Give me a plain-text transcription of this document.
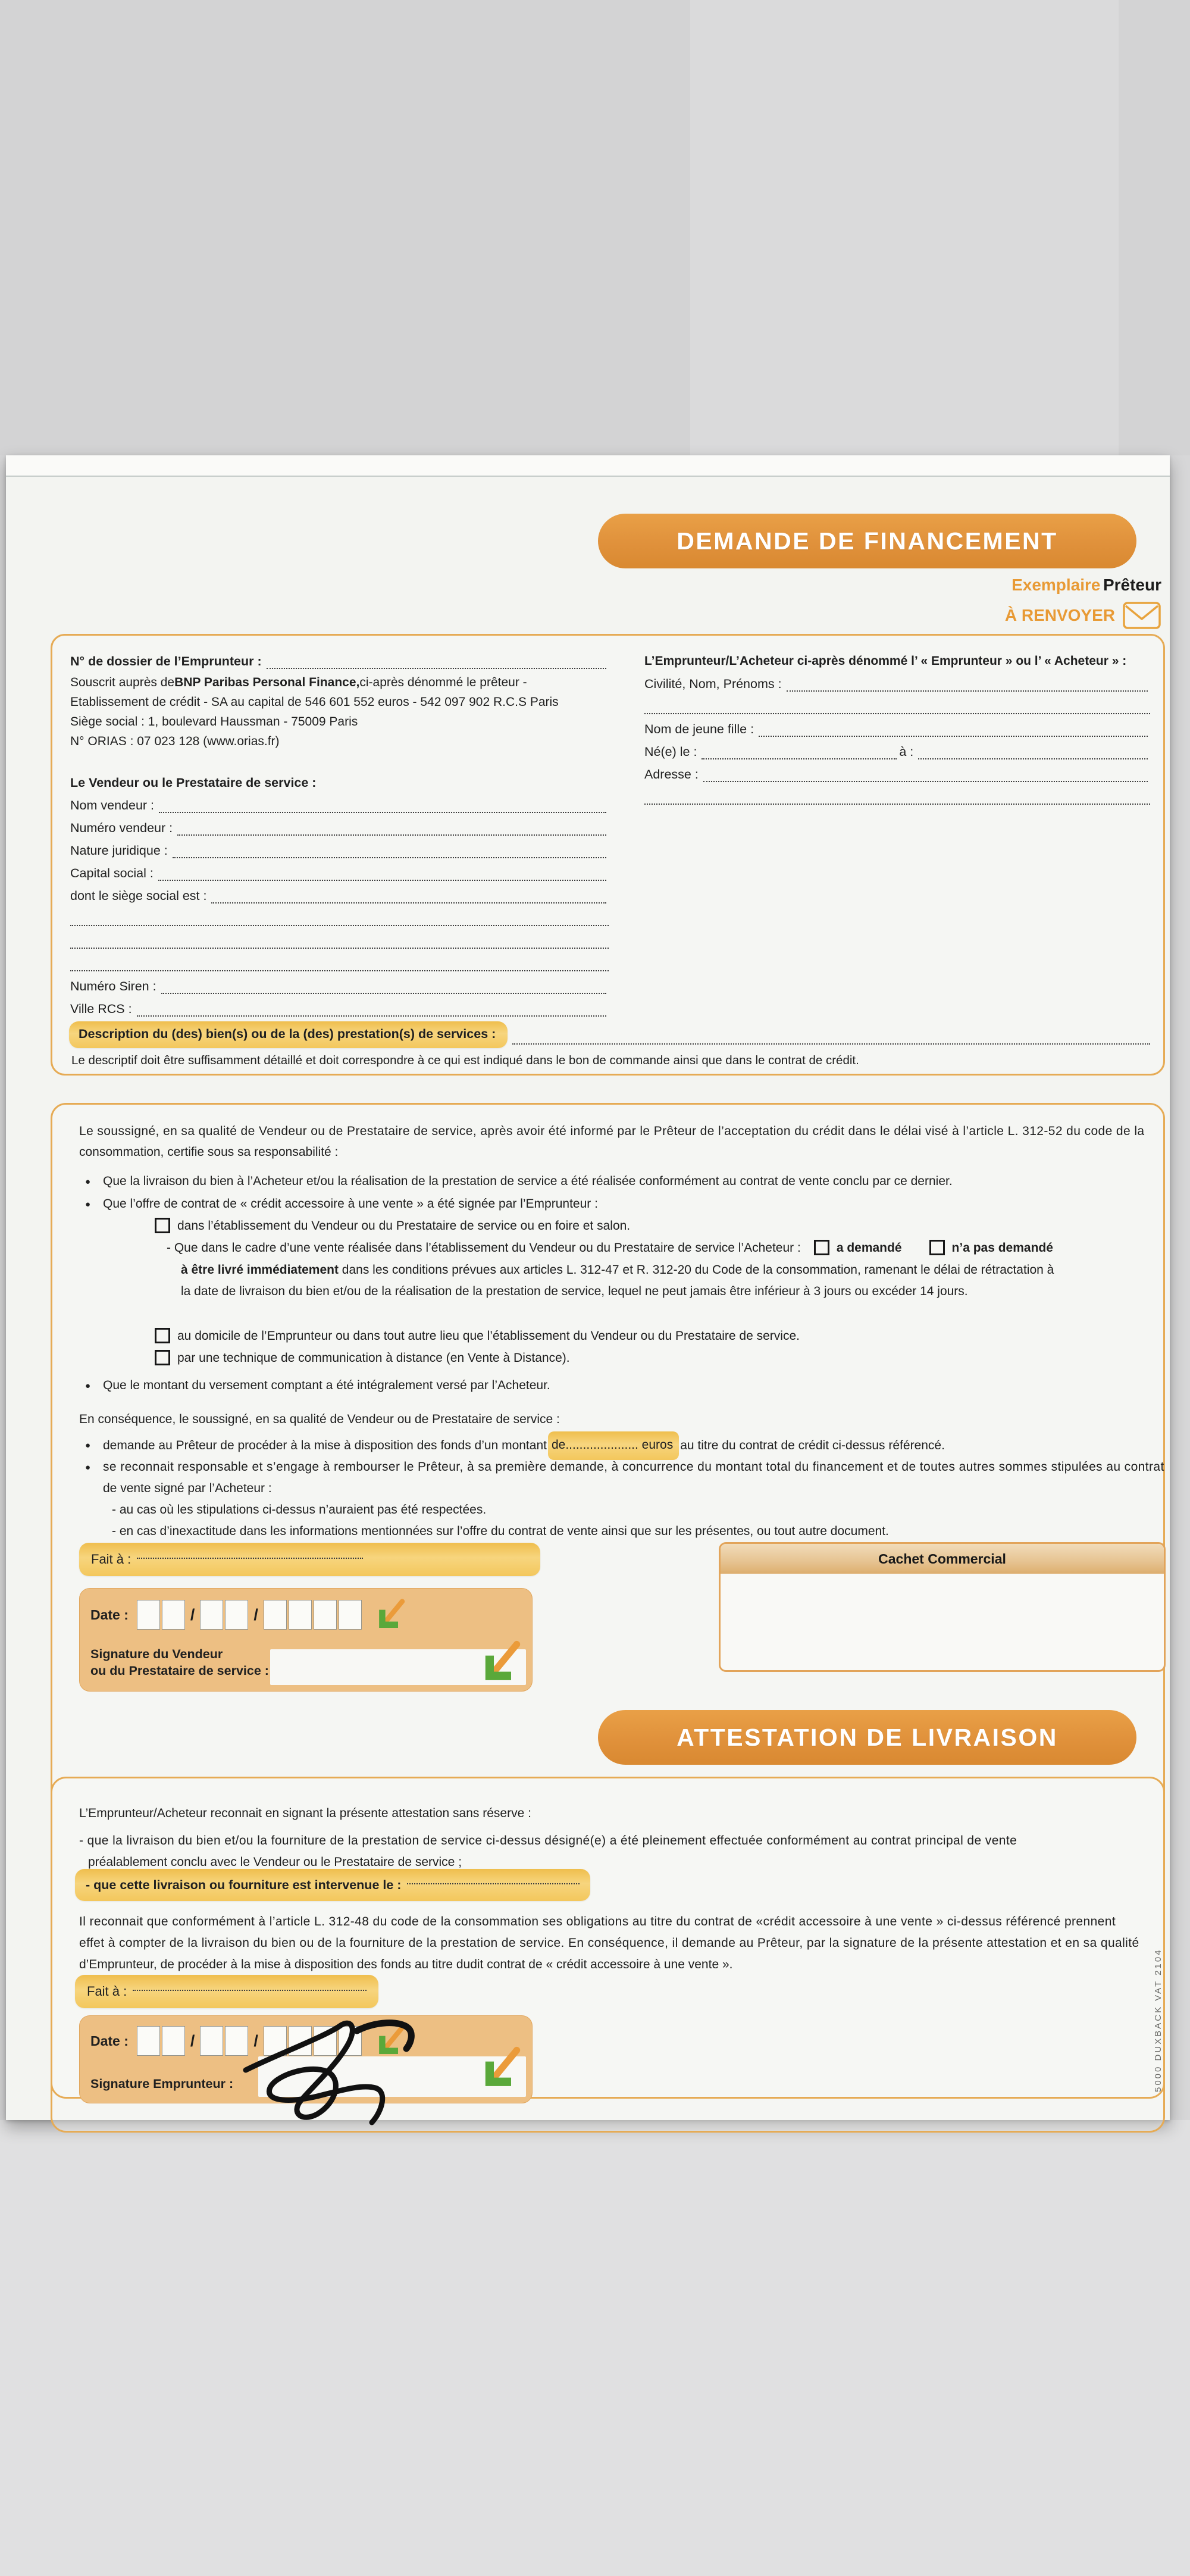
DEMANDE DE FINANCEMENT
Exemplaire Prêteur
À RENVOYER
N° de dossier de l’Emprunteur :
Souscrit auprès de BNP Paribas Personal Finance, ci-après dénommé le prêteur -
Etablissement de crédit - SA au capital de 546 601 552 euros - 542 097 902 R.C.S Paris
Siège social : 1, boulevard Haussman - 75009 Paris
N° ORIAS : 07 023 128 (www.orias.fr)
Le Vendeur ou le Prestataire de service :
Nom vendeur :
Numéro vendeur :
Nature juridique :
Capital social :
dont le siège social est :
Numéro Siren :
Ville RCS :
L’Emprunteur/L’Acheteur ci-après dénommé l’ « Emprunteur » ou l’ « Acheteur » :
Civilité, Nom, Prénoms :
Nom de jeune fille :
Né(e) le :	à :
Adresse :
Description du (des) bien(s) ou de la (des) prestation(s) de services :
Le descriptif doit être suffisamment détaillé et doit correspondre à ce qui est indiqué dans le bon de commande ainsi que dans le contrat de crédit.
Le soussigné, en sa qualité de Vendeur ou de Prestataire de service, après avoir été informé par le Prêteur de l’acceptation du crédit dans le délai visé à l’article L. 312-52 du code de la
consommation, certifie sous sa responsabilité :
● Que la livraison du bien à l’Acheteur et/ou la réalisation de la prestation de service a été réalisée conformément au contrat de vente conclu par ce dernier.
● Que l’offre de contrat de « crédit accessoire à une vente » a été signée par l’Emprunteur :
dans l’établissement du Vendeur ou du Prestataire de service ou en foire et salon.
- Que dans le cadre d’une vente réalisée dans l’établissement du Vendeur ou du Prestataire de service l’Acheteur :	a demandé	n’a pas demandé
à être livré immédiatement dans les conditions prévues aux articles L. 312-47 et R. 312-20 du Code de la consommation, ramenant le délai de rétractation à
la date de livraison du bien et/ou de la réalisation de la prestation de service, lequel ne peut jamais être inférieur à 3 jours ou excéder 14 jours.
au domicile de l’Emprunteur ou dans tout autre lieu que l’établissement du Vendeur ou du Prestataire de service.
par une technique de communication à distance (en Vente à Distance).
● Que le montant du versement comptant a été intégralement versé par l’Acheteur.
En conséquence, le soussigné, en sa qualité de Vendeur ou de Prestataire de service :
● demande au Prêteur de procéder à la mise à disposition des fonds d’un montant de..................... euros au titre du contrat de crédit ci-dessus référencé.
● se reconnait responsable et s’engage à rembourser le Prêteur, à sa première demande, à concurrence du montant total du financement et de toutes autres sommes stipulées au contrat
de vente signé par l’Acheteur :
- au cas où les stipulations ci-dessus n’auraient pas été respectées.
- en cas d’inexactitude dans les informations mentionnées sur l’offre du contrat de vente ainsi que sur les présentes, ou tout autre document.
Fait à :	Cachet Commercial
Date :	/	/
Signature du Vendeur
ou du Prestataire de service :
ATTESTATION DE LIVRAISON
L’Emprunteur/Acheteur reconnait en signant la présente attestation sans réserve :
- que la livraison du bien et/ou la fourniture de la prestation de service ci-dessus désigné(e) a été pleinement effectuée conformément au contrat principal de vente
préalablement conclu avec le Vendeur ou le Prestataire de service ;
- que cette livraison ou fourniture est intervenue le :
Il reconnait que conformément à l’article L. 312-48 du code de la consommation ses obligations au titre du contrat de «crédit accessoire à une vente » ci-dessus référencé prennent
effet à compter de la livraison du bien ou de la fourniture de la prestation de service. En conséquence, il demande au Prêteur, par la signature de la présente attestation et en sa qualité
d’Emprunteur, de procéder à la mise à disposition des fonds au titre dudit contrat de « crédit accessoire à une vente ».
Fait à :
Date :	/	/
Signature Emprunteur :	5000 DUXBACK VAT 2104
